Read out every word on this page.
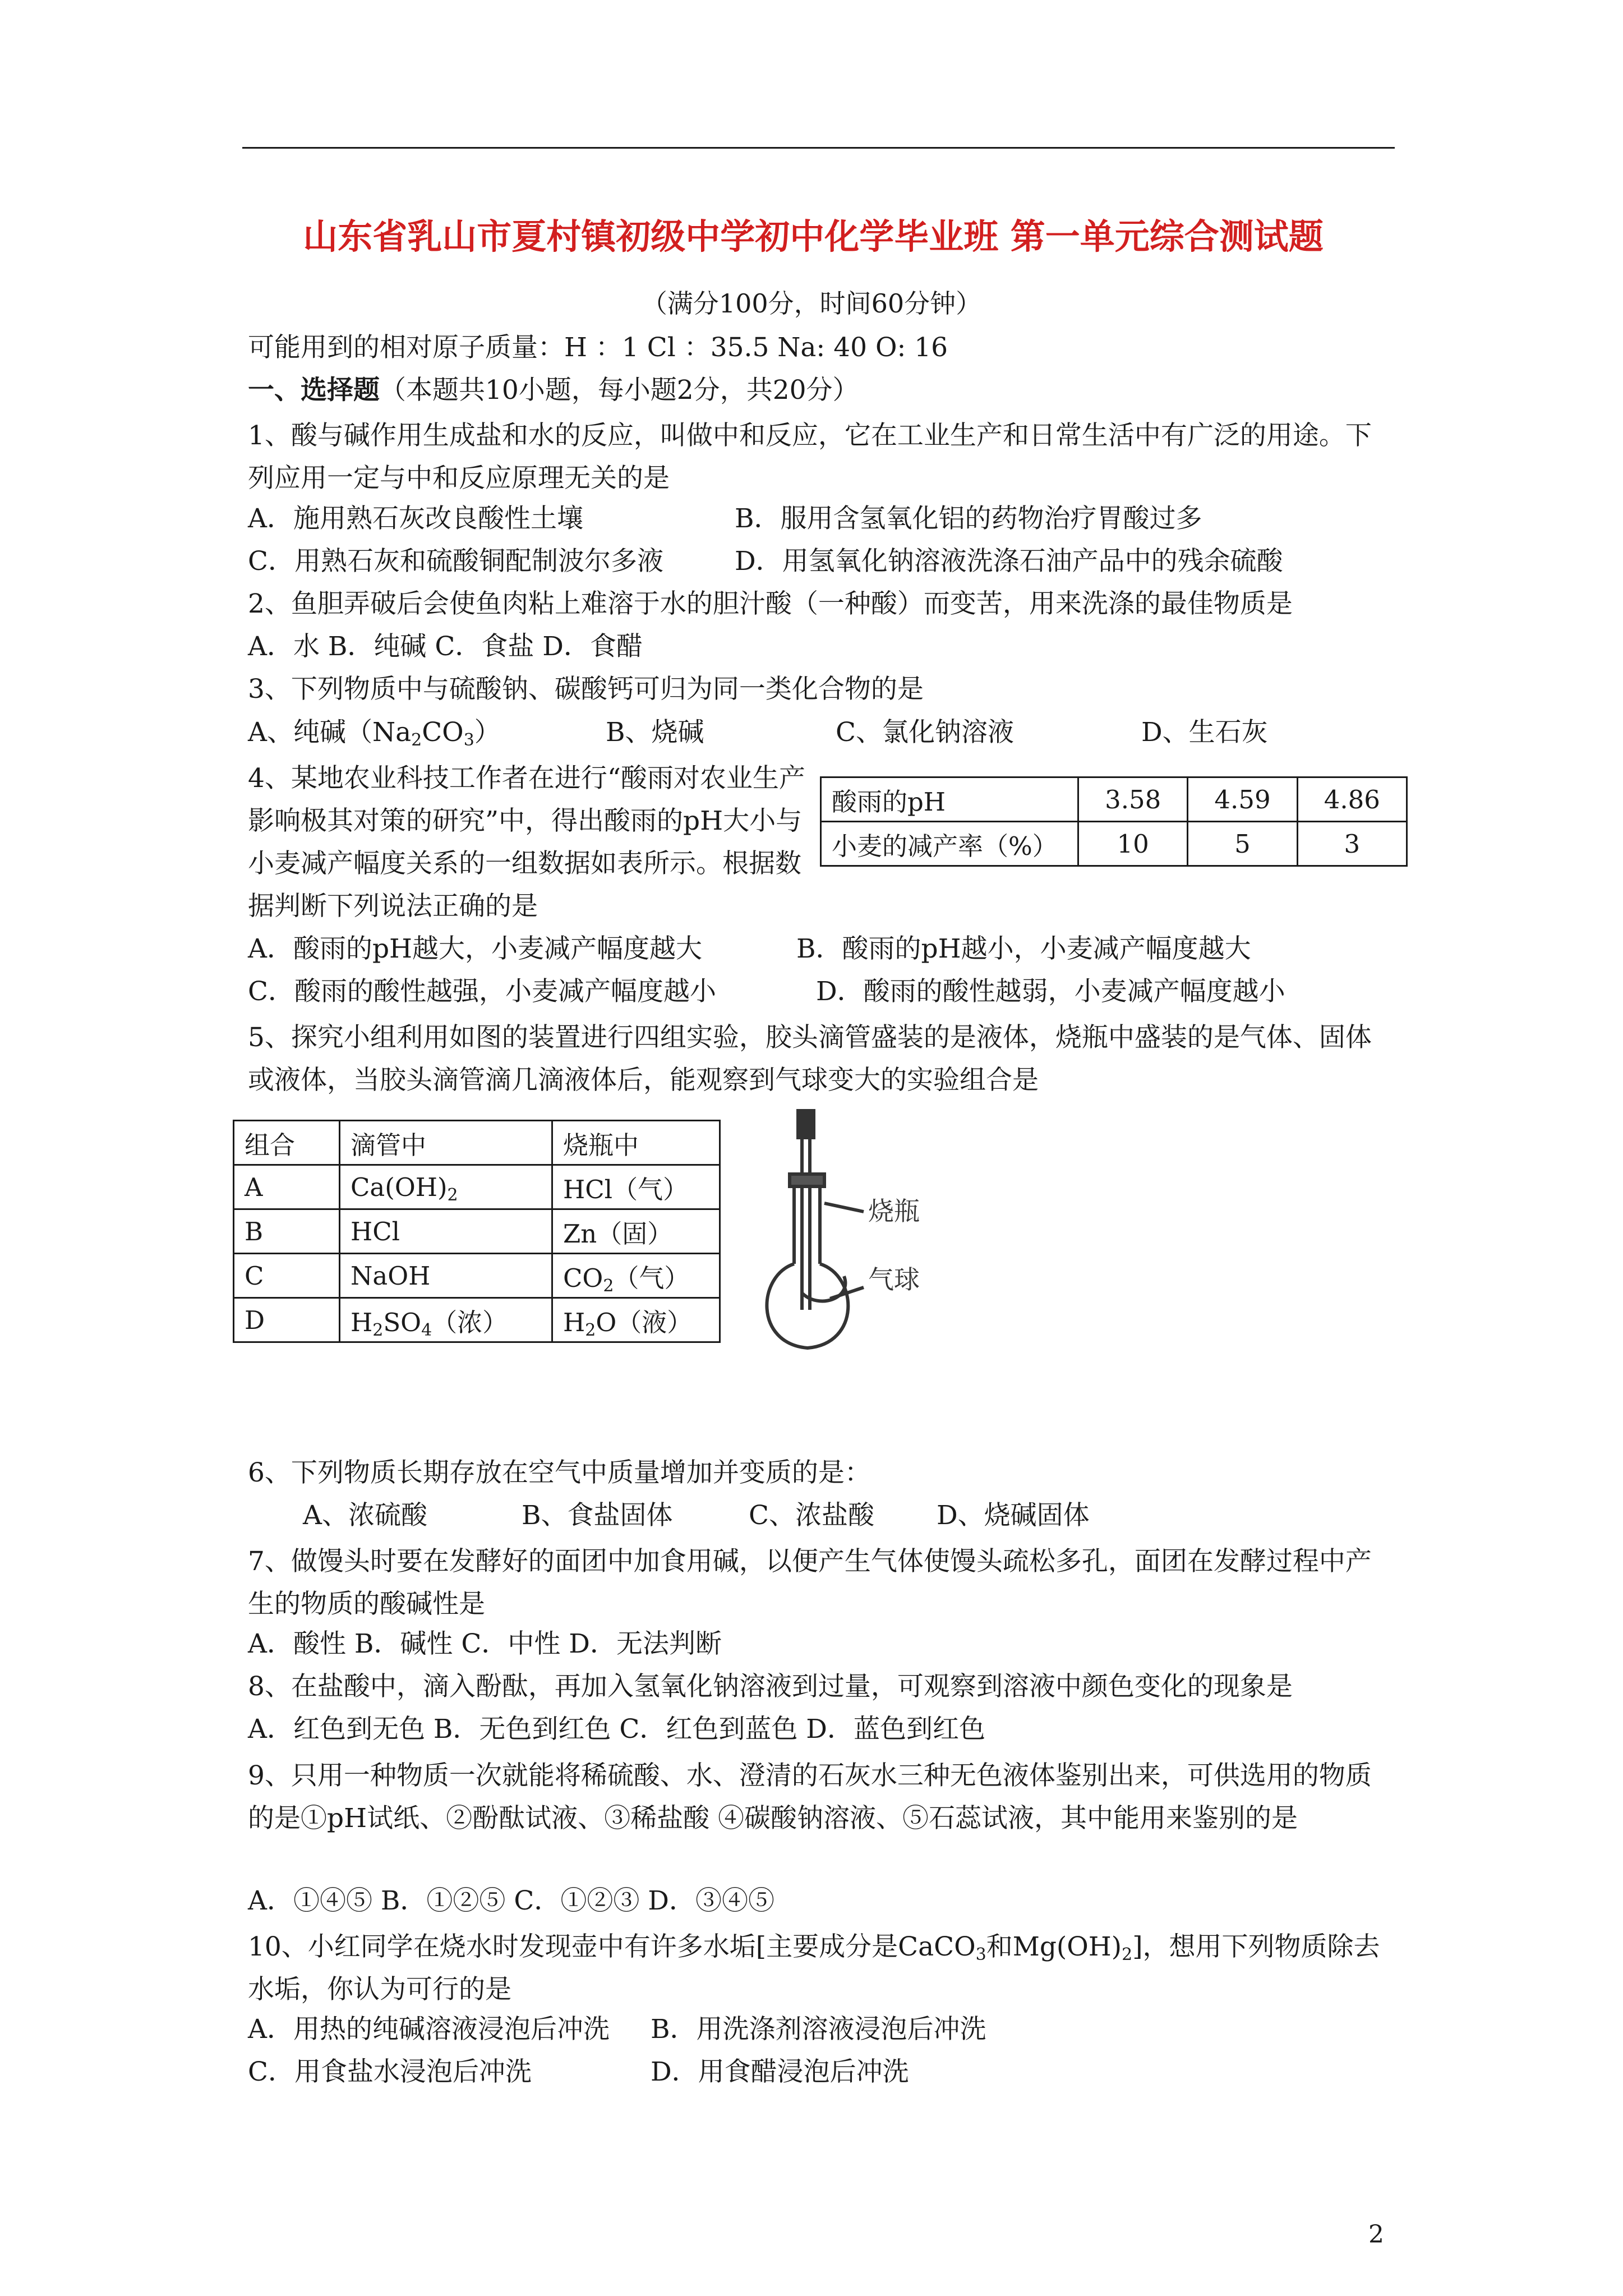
山东省乳山市夏村镇初级中学初中化学毕业班 第一单元综合测试题
（满分100分，时间60分钟）
可能用到的相对原子质量：H ：1 Cl ：35.5 Na: 40 O: 16
一、选择题（本题共10小题，每小题2分，共20分）
1、酸与碱作用生成盐和水的反应，叫做中和反应，它在工业生产和日常生活中有广泛的用途。下列应用一定与中和反应原理无关的是
A．施用熟石灰改良酸性土壤	B．服用含氢氧化铝的药物治疗胃酸过多
C．用熟石灰和硫酸铜配制波尔多液	D．用氢氧化钠溶液洗涤石油产品中的残余硫酸
2、鱼胆弄破后会使鱼肉粘上难溶于水的胆汁酸（一种酸）而变苦，用来洗涤的最佳物质是
A．水 B．纯碱 C．食盐 D．食醋
3、下列物质中与硫酸钠、碳酸钙可归为同一类化合物的是
A、纯碱$(Na_2CO_3)$	B、烧碱	C、氯化钠溶液	D、生石灰
4、某地农业科技工作者在进行“酸雨对农业生产影响极其对策的研究”中，得出酸雨的pH大小与小麦减产幅度关系的一组数据如表所示。根据数据判断下列说法正确的是
酸雨的pH	3.58	4.59	4.86
小麦的减产率（%）	10	5	3
A．酸雨的pH越大，小麦减产幅度越大	B．酸雨的pH越小，小麦减产幅度越大
C．酸雨的酸性越强，小麦减产幅度越小	D．酸雨的酸性越弱，小麦减产幅度越小
5、探究小组利用如图的装置进行四组实验，胶头滴管盛装的是液体，烧瓶中盛装的是气体、固体或液体，当胶头滴管滴几滴液体后，能观察到气球变大的实验组合是
组合	滴管中	烧瓶中
A	$Ca(OH)_2$	HCl（气）
B	HCl	Zn（固）
C	NaOH	$CO_2$（气）
D	$H_2SO_4$（浓）	$H_2O$（液）
烧瓶
气球
6、下列物质长期存放在空气中质量增加并变质的是：
A、浓硫酸	B、食盐固体	C、浓盐酸 D、烧碱固体
7、做馒头时要在发酵好的面团中加食用碱，以便产生气体使馒头疏松多孔，面团在发酵过程中产生的物质的酸碱性是
A．酸性 B．碱性 C．中性 D．无法判断
8、在盐酸中，滴入酚酞，再加入氢氧化钠溶液到过量，可观察到溶液中颜色变化的现象是
A．红色到无色 B．无色到红色 C．红色到蓝色 D．蓝色到红色
9、只用一种物质一次就能将稀硫酸、水、澄清的石灰水三种无色液体鉴别出来，可供选用的物质的是①pH试纸、②酚酞试液、③稀盐酸 ④碳酸钠溶液、⑤石蕊试液，其中能用来鉴别的是
A．①④⑤ B．①②⑤ C．①②③ D．③④⑤
10、小红同学在烧水时发现壶中有许多水垢[主要成分是CaCO$_3$和$Mg(OH)_2$]，想用下列物质除去水垢，你认为可行的是
A．用热的纯碱溶液浸泡后冲洗 B．用洗涤剂溶液浸泡后冲洗
C．用食盐水浸泡后冲洗	D．用食醋浸泡后冲洗
2
